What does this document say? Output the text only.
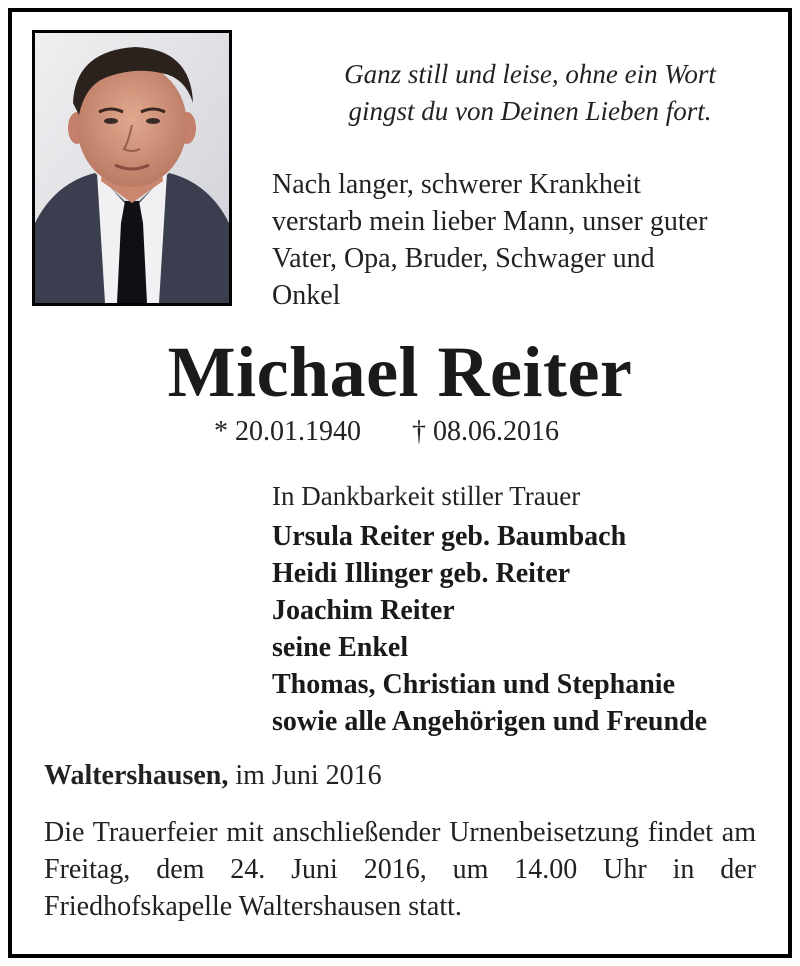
Ganz still und leise, ohne ein Wort
gingst du von Deinen Lieben fort.
Nach langer, schwerer Krankheit
verstarb mein lieber Mann, unser guter
Vater, Opa, Bruder, Schwager und
Onkel
Michael Reiter
* 20.01.1940 † 08.06.2016
In Dankbarkeit stiller Trauer
Ursula Reiter geb. Baumbach
Heidi Illinger geb. Reiter
Joachim Reiter
seine Enkel
Thomas, Christian und Stephanie
sowie alle Angehörigen und Freunde
Waltershausen, im Juni 2016
Die Trauerfeier mit anschließender Urnenbeisetzung findet am Freitag, dem 24. Juni 2016, um 14.00 Uhr in der Friedhofskapelle Waltershausen statt.
